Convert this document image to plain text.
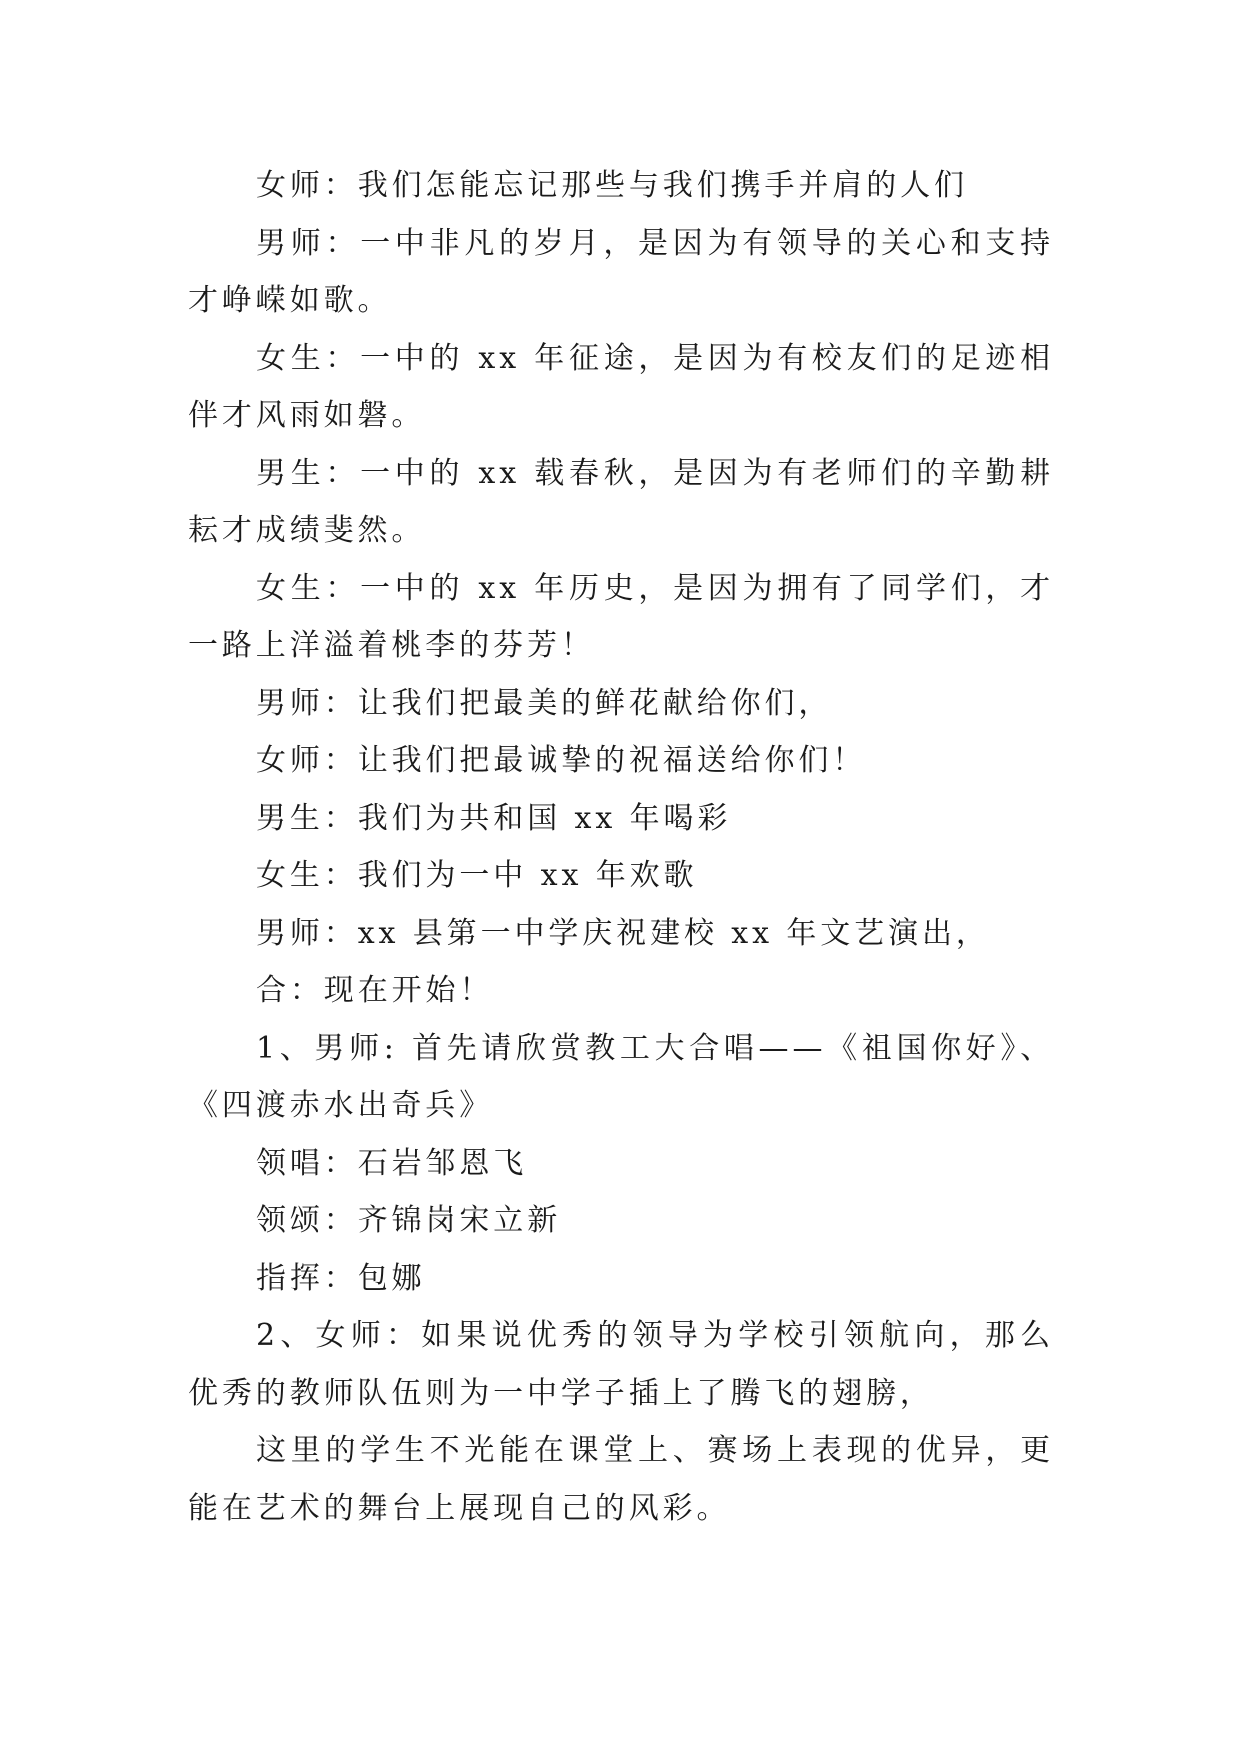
女师：我们怎能忘记那些与我们携手并肩的人们

男师：一中非凡的岁月，是因为有领导的关心和支持才峥嵘如歌。

女生：一中的 xx 年征途，是因为有校友们的足迹相伴才风雨如磐。

男生：一中的 xx 载春秋，是因为有老师们的辛勤耕耘才成绩斐然。

女生：一中的 xx 年历史，是因为拥有了同学们，才一路上洋溢着桃李的芬芳！

男师：让我们把最美的鲜花献给你们，

女师：让我们把最诚挚的祝福送给你们！

男生：我们为共和国 xx 年喝彩

女生：我们为一中 xx 年欢歌

男师：xx 县第一中学庆祝建校 xx 年文艺演出，

合：现在开始！

1、男师: 首先请欣赏教工大合唱——《祖国你好》、《四渡赤水出奇兵》

领唱：石岩邹恩飞

领颂：齐锦岗宋立新

指挥：包娜

2、女师：如果说优秀的领导为学校引领航向，那么优秀的教师队伍则为一中学子插上了腾飞的翅膀，

这里的学生不光能在课堂上、赛场上表现的优异，更能在艺术的舞台上展现自己的风彩。
